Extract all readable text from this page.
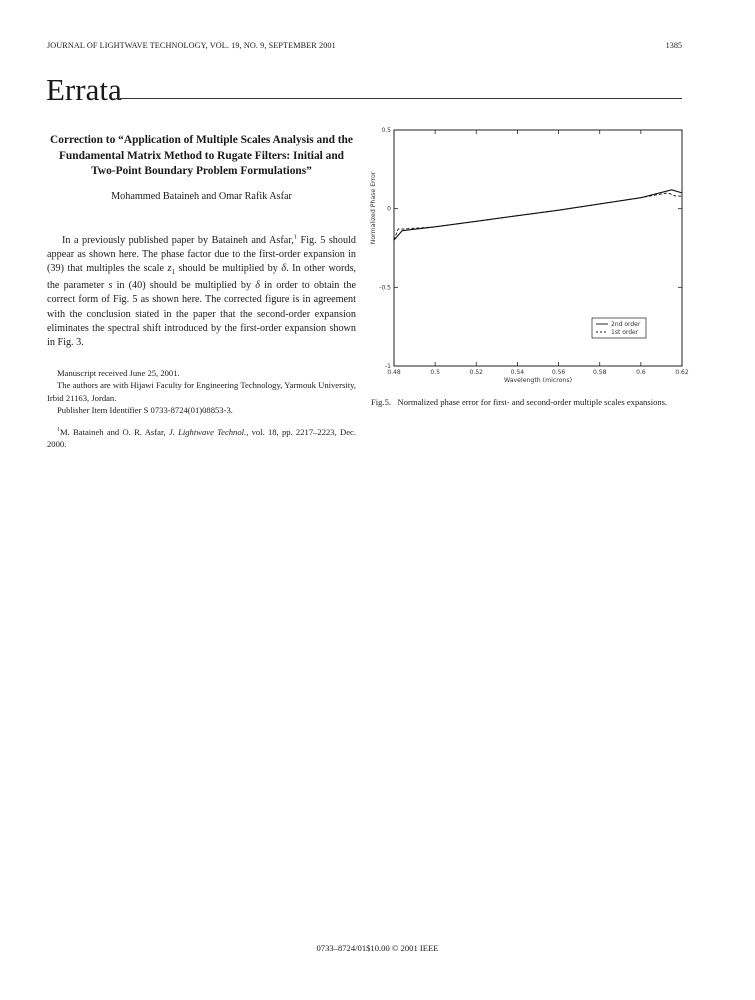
JOURNAL OF LIGHTWAVE TECHNOLOGY, VOL. 19, NO. 9, SEPTEMBER 2001	1385
Errata
Correction to “Application of Multiple Scales Analysis and the Fundamental Matrix Method to Rugate Filters: Initial and Two-Point Boundary Problem Formulations”
Mohammed Bataineh and Omar Rafik Asfar

In a previously published paper by Bataineh and Asfar,$^1$ Fig. 5 should appear as shown here. The phase factor due to the first-order expansion in (39) that multiples the scale $z_1$ should be multiplied by δ. In other words, the parameter s in (40) should be multiplied by δ in order to obtain the correct form of Fig. 5 as shown here. The corrected figure is in agreement with the conclusion stated in the paper that the second-order expansion eliminates the spectral shift introduced by the first-order expansion shown in Fig. 3.

Manuscript received June 25, 2001.

The authors are with Hijawi Faculty for Engineering Technology, Yarmouk University, Irbid 21163, Jordan.

Publisher Item Identifier S 0733-8724(01)08853-3.

$^1$M. Bataineh and O. R. Asfar, J. Lightwave Technol., vol. 18, pp. 2217–2223, Dec. 2000.

0.48	0.5	0.52	0.54	0.56	0.58	0.6	0.62
0.5
0
-0.5
-1
Wavelength (microns)
Normalized Phase Error
2nd order
1st order
Fig.5. Normalized phase error for first- and second-order multiple scales expansions.
0733–8724/01$10.00 © 2001 IEEE
